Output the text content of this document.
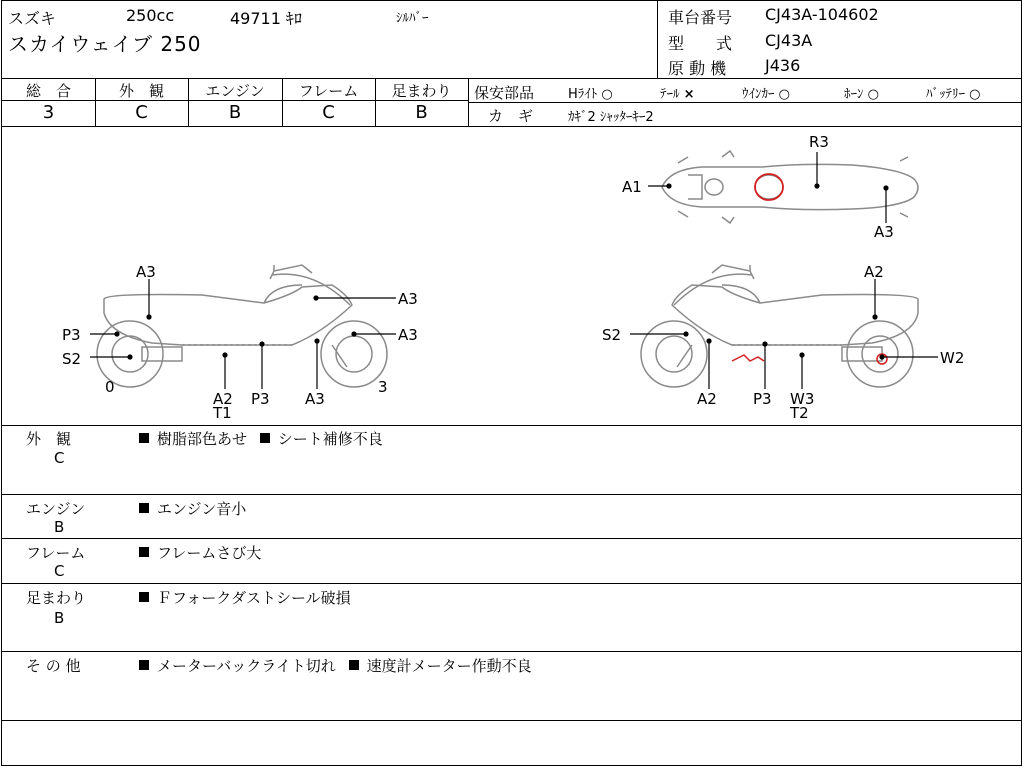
スズキ	250cc	49711 ｷﾛ	ｼﾙﾊﾞｰ
スカイウェイブ 250
車台番号 CJ43A-104602
型　　式 CJ43A
原 動 機 J436
総　合	外　観	エンジン	フレーム	足まわり
3	C	B	C	B
保安部品	Hﾗｲﾄ ○	ﾃｰﾙ ×	ｳｲﾝｶｰ ○	ﾎｰﾝ ○	ﾊﾞｯﾃﾘｰ ○
カ　ギ	ｶｷﾞ2 ｼｬｯﾀｰｷｰ2
R3
A1
A3
A3
A3
P3	A3
S2
0
A2
T1
P3 A3
3
A2
S2
W2
A2 P3 W3
T2
外　観
C
樹脂部色あせ シート補修不良
エンジン
B
エンジン音小
フレーム
C
フレームさび大
足まわり
B
Ｆフォークダストシール破損
そ の 他	メーターバックライト切れ 速度計メーター作動不良
